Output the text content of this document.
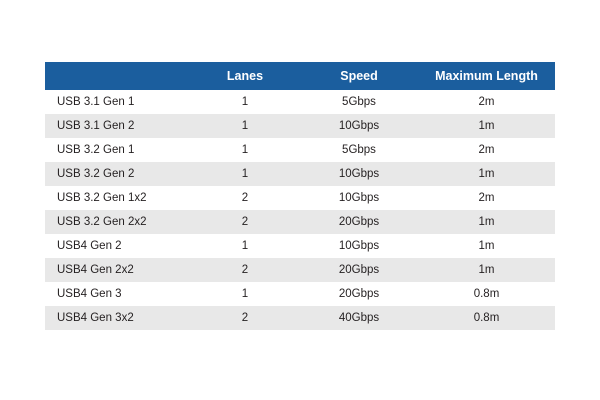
	Lanes	Speed	Maximum Length
USB 3.1 Gen 1	1	5Gbps	2m
USB 3.1 Gen 2	1	10Gbps	1m
USB 3.2 Gen 1	1	5Gbps	2m
USB 3.2 Gen 2	1	10Gbps	1m
USB 3.2 Gen 1x2	2	10Gbps	2m
USB 3.2 Gen 2x2	2	20Gbps	1m
USB4 Gen 2	1	10Gbps	1m
USB4 Gen 2x2	2	20Gbps	1m
USB4 Gen 3	1	20Gbps	0.8m
USB4 Gen 3x2	2	40Gbps	0.8m
